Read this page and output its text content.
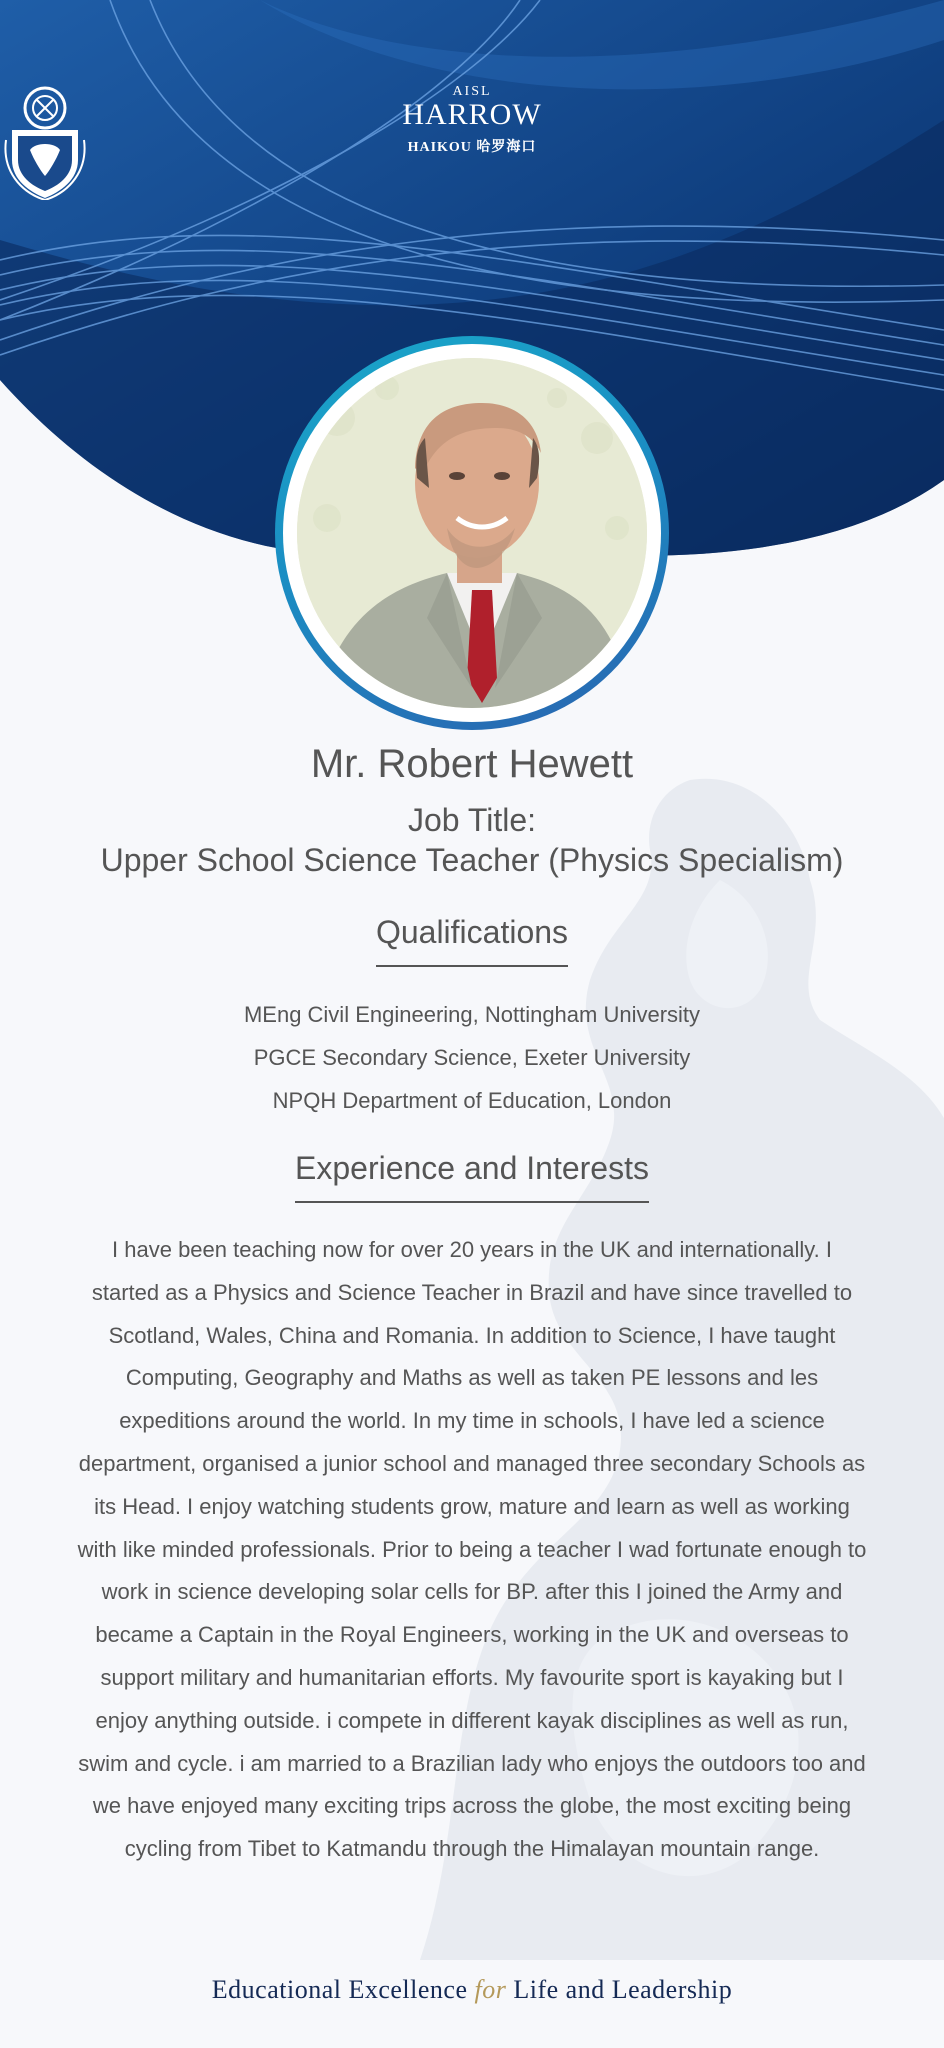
AISL
HARROW
HAIKOU 哈罗海口
Mr. Robert Hewett
Job Title:
Upper School Science Teacher (Physics Specialism)
Qualifications
MEng Civil Engineering, Nottingham University
PGCE Secondary Science, Exeter University
NPQH Department of Education, London
Experience and Interests
I have been teaching now for over 20 years in the UK and internationally. I started as a Physics and Science Teacher in Brazil and have since travelled to Scotland, Wales, China and Romania. In addition to Science, I have taught Computing, Geography and Maths as well as taken PE lessons and les expeditions around the world. In my time in schools, I have led a science department, organised a junior school and managed three secondary Schools as its Head. I enjoy watching students grow, mature and learn as well as working with like minded professionals. Prior to being a teacher I wad fortunate enough to work in science developing solar cells for BP. after this I joined the Army and became a Captain in the Royal Engineers, working in the UK and overseas to support military and humanitarian efforts. My favourite sport is kayaking but I enjoy anything outside. i compete in different kayak disciplines as well as run, swim and cycle. i am married to a Brazilian lady who enjoys the outdoors too and we have enjoyed many exciting trips across the globe, the most exciting being cycling from Tibet to Katmandu through the Himalayan mountain range.
Educational Excellence for Life and Leadership
